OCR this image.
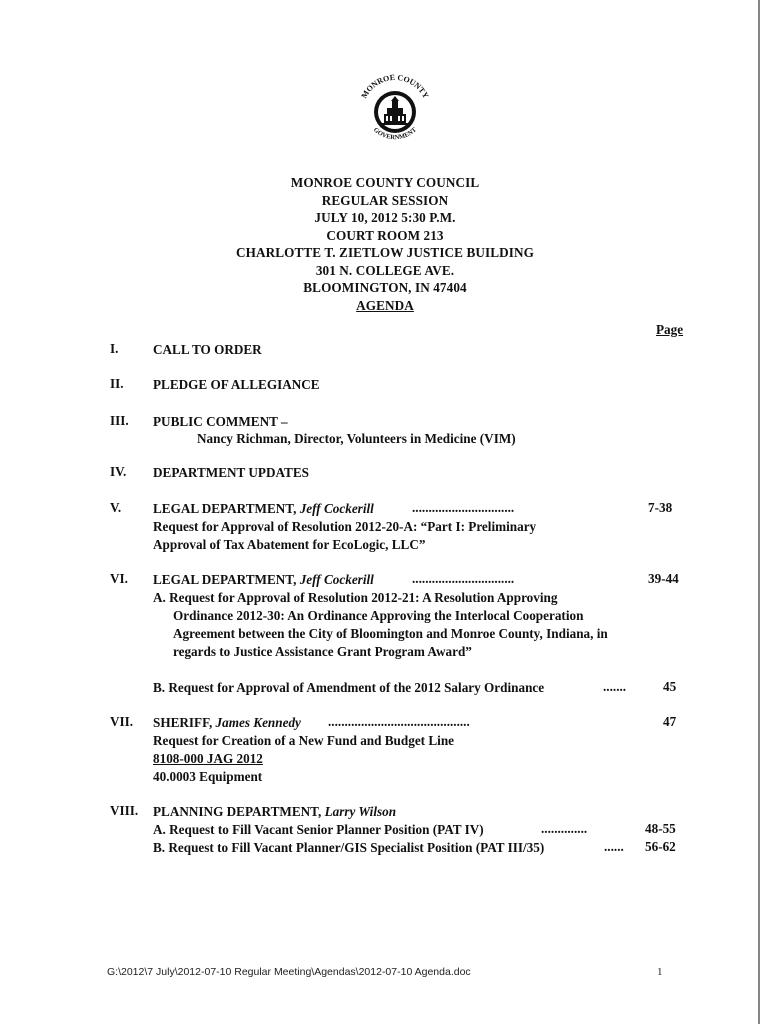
MONROE COUNTY
GOVERNMENT
MONROE COUNTY COUNCIL
REGULAR SESSION
JULY 10, 2012 5:30 P.M.
COURT ROOM 213
CHARLOTTE T. ZIETLOW JUSTICE BUILDING
301 N. COLLEGE AVE.
BLOOMINGTON, IN 47404
AGENDA
Page
I.	CALL TO ORDER
II. PLEDGE OF ALLEGIANCE
III. PUBLIC COMMENT –
Nancy Richman, Director, Volunteers in Medicine (VIM)
IV. DEPARTMENT UPDATES
V. LEGAL DEPARTMENT, Jeff Cockerill	...............................	7-38
Request for Approval of Resolution 2012-20-A: “Part I: Preliminary
Approval of Tax Abatement for EcoLogic, LLC”
VI. LEGAL DEPARTMENT, Jeff Cockerill	...............................	39-44
A. Request for Approval of Resolution 2012-21: A Resolution Approving
Ordinance 2012-30: An Ordinance Approving the Interlocal Cooperation
Agreement between the City of Bloomington and Monroe County, Indiana, in
regards to Justice Assistance Grant Program Award”
B. Request for Approval of Amendment of the 2012 Salary Ordinance	.......	45
VII. SHERIFF, James Kennedy ...........................................	47
Request for Creation of a New Fund and Budget Line
8108-000 JAG 2012
40.0003 Equipment
VIII. PLANNING DEPARTMENT, Larry Wilson
A. Request to Fill Vacant Senior Planner Position (PAT IV)	..............	48-55
B. Request to Fill Vacant Planner/GIS Specialist Position (PAT III/35)	...... 56-62
G:\2012\7 July\2012-07-10 Regular Meeting\Agendas\2012-07-10 Agenda.doc	1
